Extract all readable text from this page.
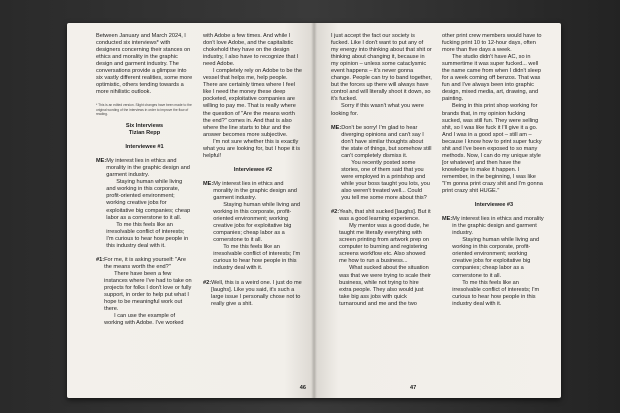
Between January and March 2024, I conducted six interviews* with designers concerning their stances on ethics and morality in the graphic design and garment industry. The conversations provide a glimpse into six vastly different realities, some more optimistic, others tending towards a more nihilistic outlook.

* This is an edited version. Slight changes have been made to the original wording of the interviews in order to improve the flow of reading.

Six Interviews

Tizian Repp

Interviewee #1

ME: My interest lies in ethics and morality in the graphic design and garment industry.

Staying human while living and working in this corporate, profit-oriented environment; working creative jobs for exploitative big companies; cheap labor as a cornerstone to it all.

To me this feels like an irresolvable conflict of interests; I'm curious to hear how people in this industry deal with it.

#1: For me, it is asking yourself: "Are the means worth the end?"

There have been a few instances where I've had to take on projects for folks I don't love or fully support, in order to help put what I hope to be meaningful work out there.

I can use the example of working with Adobe. I've worked

with Adobe a few times. And while I don't love Adobe, and the capitalistic chokehold they have on the design industry, I also have to recognize that I need Adobe.

I completely rely on Adobe to be the vessel that helps me, help people. There are certainly times where I feel like I need the money these deep pocketed, exploitative companies are willing to pay me. That is really where the question of "Are the means worth the end?" comes in. And that is also where the line starts to blur and the answer becomes more subjective.

I'm not sure whether this is exactly what you are looking for, but I hope it is helpful!

Interviewee #2

ME: My interest lies in ethics and morality in the graphic design and garment industry.

Staying human while living and working in this corporate, profit-oriented environment; working creative jobs for exploitative big companies; cheap labor as a cornerstone to it all.

To me this feels like an irresolvable conflict of interests; I'm curious to hear how people in this industry deal with it.

#2: Well, this is a weird one. I just do me [laughs]. Like you said, it's such a large issue I personally chose not to really give a shit.

46

I just accept the fact our society is fucked. Like I don't want to put any of my energy into thinking about that shit or thinking about changing it, because in my opinion – unless some cataclysmic event happens – it's never gonna change. People can try to band together, but the forces up there will always have control and will literally shoot it down, so it's fucked.

Sorry if this wasn't what you were looking for.

ME: Don't be sorry! I'm glad to hear diverging opinions and can't say I don't have similar thoughts about the state of things, but somehow still can't completely dismiss it.

You recently posted some stories, one of them said that you were employed in a printshop and while your boss taught you lots, you also weren't treated well... Could you tell me some more about this?

#2: Yeah, that shit sucked [laughs]. But it was a good learning experience.

My mentor was a good dude, he taught me literally everything with screen printing from artwork prep on computer to burning and registering screens workflow etc. Also showed me how to run a business...

What sucked about the situation was that we were trying to scale their business, while not trying to hire extra people. They also would just take big ass jobs with quick turnaround and me and the two

other print crew members would have to fucking print 10 to 12-hour days, often more than five days a week.

The studio didn't have AC, so in summertime it was super fucked... well the name came from when I didn't sleep for a week coming off benzos. That was fun and I've always been into graphic design, mixed media, art, drawing, and painting.

Being in this print shop working for brands that, in my opinion fucking sucked, was still fun. They were selling shit, so I was like fuck it I'll give it a go. And I was in a good spot – still am – because I know how to print super fucky shit and I've been exposed to so many methods. Now, I can do my unique style [or whatever] and then have the knowledge to make it happen. I remember, in the beginning, I was like "I'm gonna print crazy shit and I'm gonna print crazy shit HUGE."

Interviewee #3

ME: My interest lies in ethics and morality in the graphic design and garment industry.

Staying human while living and working in this corporate, profit-oriented environment; working creative jobs for exploitative big companies; cheap labor as a cornerstone to it all.

To me this feels like an irresolvable conflict of interests; I'm curious to hear how people in this industry deal with it.

47
